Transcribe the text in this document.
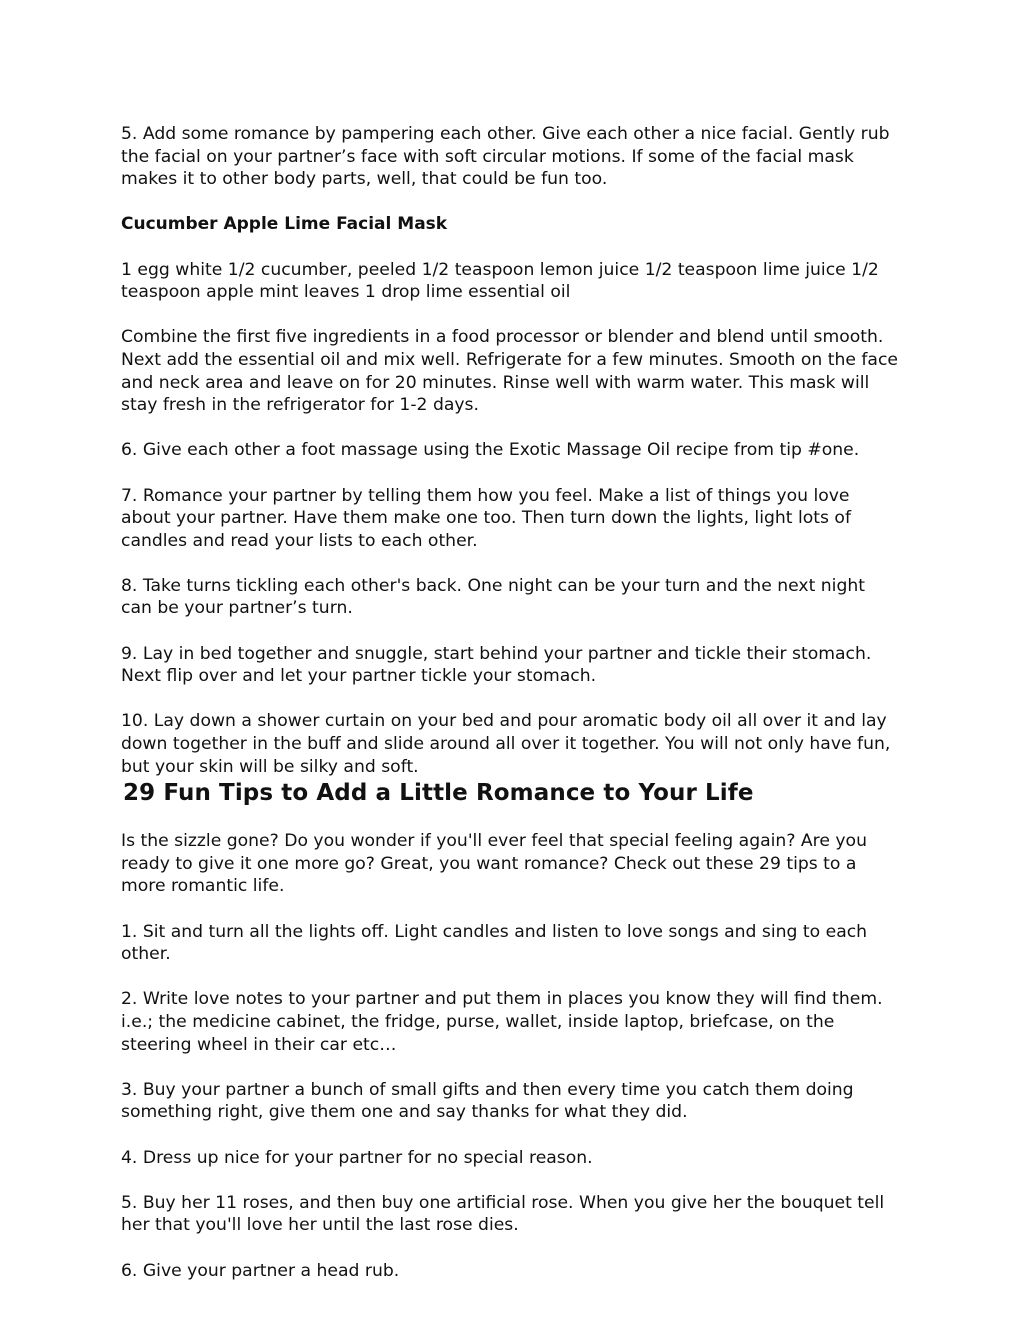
5. Add some romance by pampering each other. Give each other a nice facial. Gently rub the facial on your partner’s face with soft circular motions. If some of the facial mask makes it to other body parts, well, that could be fun too.

Cucumber Apple Lime Facial Mask

1 egg white 1/2 cucumber, peeled 1/2 teaspoon lemon juice 1/2 teaspoon lime juice 1/2 teaspoon apple mint leaves 1 drop lime essential oil

Combine the first five ingredients in a food processor or blender and blend until smooth. Next add the essential oil and mix well. Refrigerate for a few minutes. Smooth on the face and neck area and leave on for 20 minutes. Rinse well with warm water. This mask will stay fresh in the refrigerator for 1-2 days.

6. Give each other a foot massage using the Exotic Massage Oil recipe from tip #one.

7. Romance your partner by telling them how you feel. Make a list of things you love about your partner. Have them make one too. Then turn down the lights, light lots of candles and read your lists to each other.

8. Take turns tickling each other's back. One night can be your turn and the next night can be your partner’s turn.

9. Lay in bed together and snuggle, start behind your partner and tickle their stomach. Next flip over and let your partner tickle your stomach.

10. Lay down a shower curtain on your bed and pour aromatic body oil all over it and lay down together in the buff and slide around all over it together. You will not only have fun, but your skin will be silky and soft.

29 Fun Tips to Add a Little Romance to Your Life

Is the sizzle gone? Do you wonder if you'll ever feel that special feeling again? Are you ready to give it one more go? Great, you want romance? Check out these 29 tips to a more romantic life.

1. Sit and turn all the lights off. Light candles and listen to love songs and sing to each other.

2. Write love notes to your partner and put them in places you know they will find them. i.e.; the medicine cabinet, the fridge, purse, wallet, inside laptop, briefcase, on the steering wheel in their car etc…

3. Buy your partner a bunch of small gifts and then every time you catch them doing something right, give them one and say thanks for what they did.

4. Dress up nice for your partner for no special reason.

5. Buy her 11 roses, and then buy one artificial rose. When you give her the bouquet tell her that you'll love her until the last rose dies.

6. Give your partner a head rub.
